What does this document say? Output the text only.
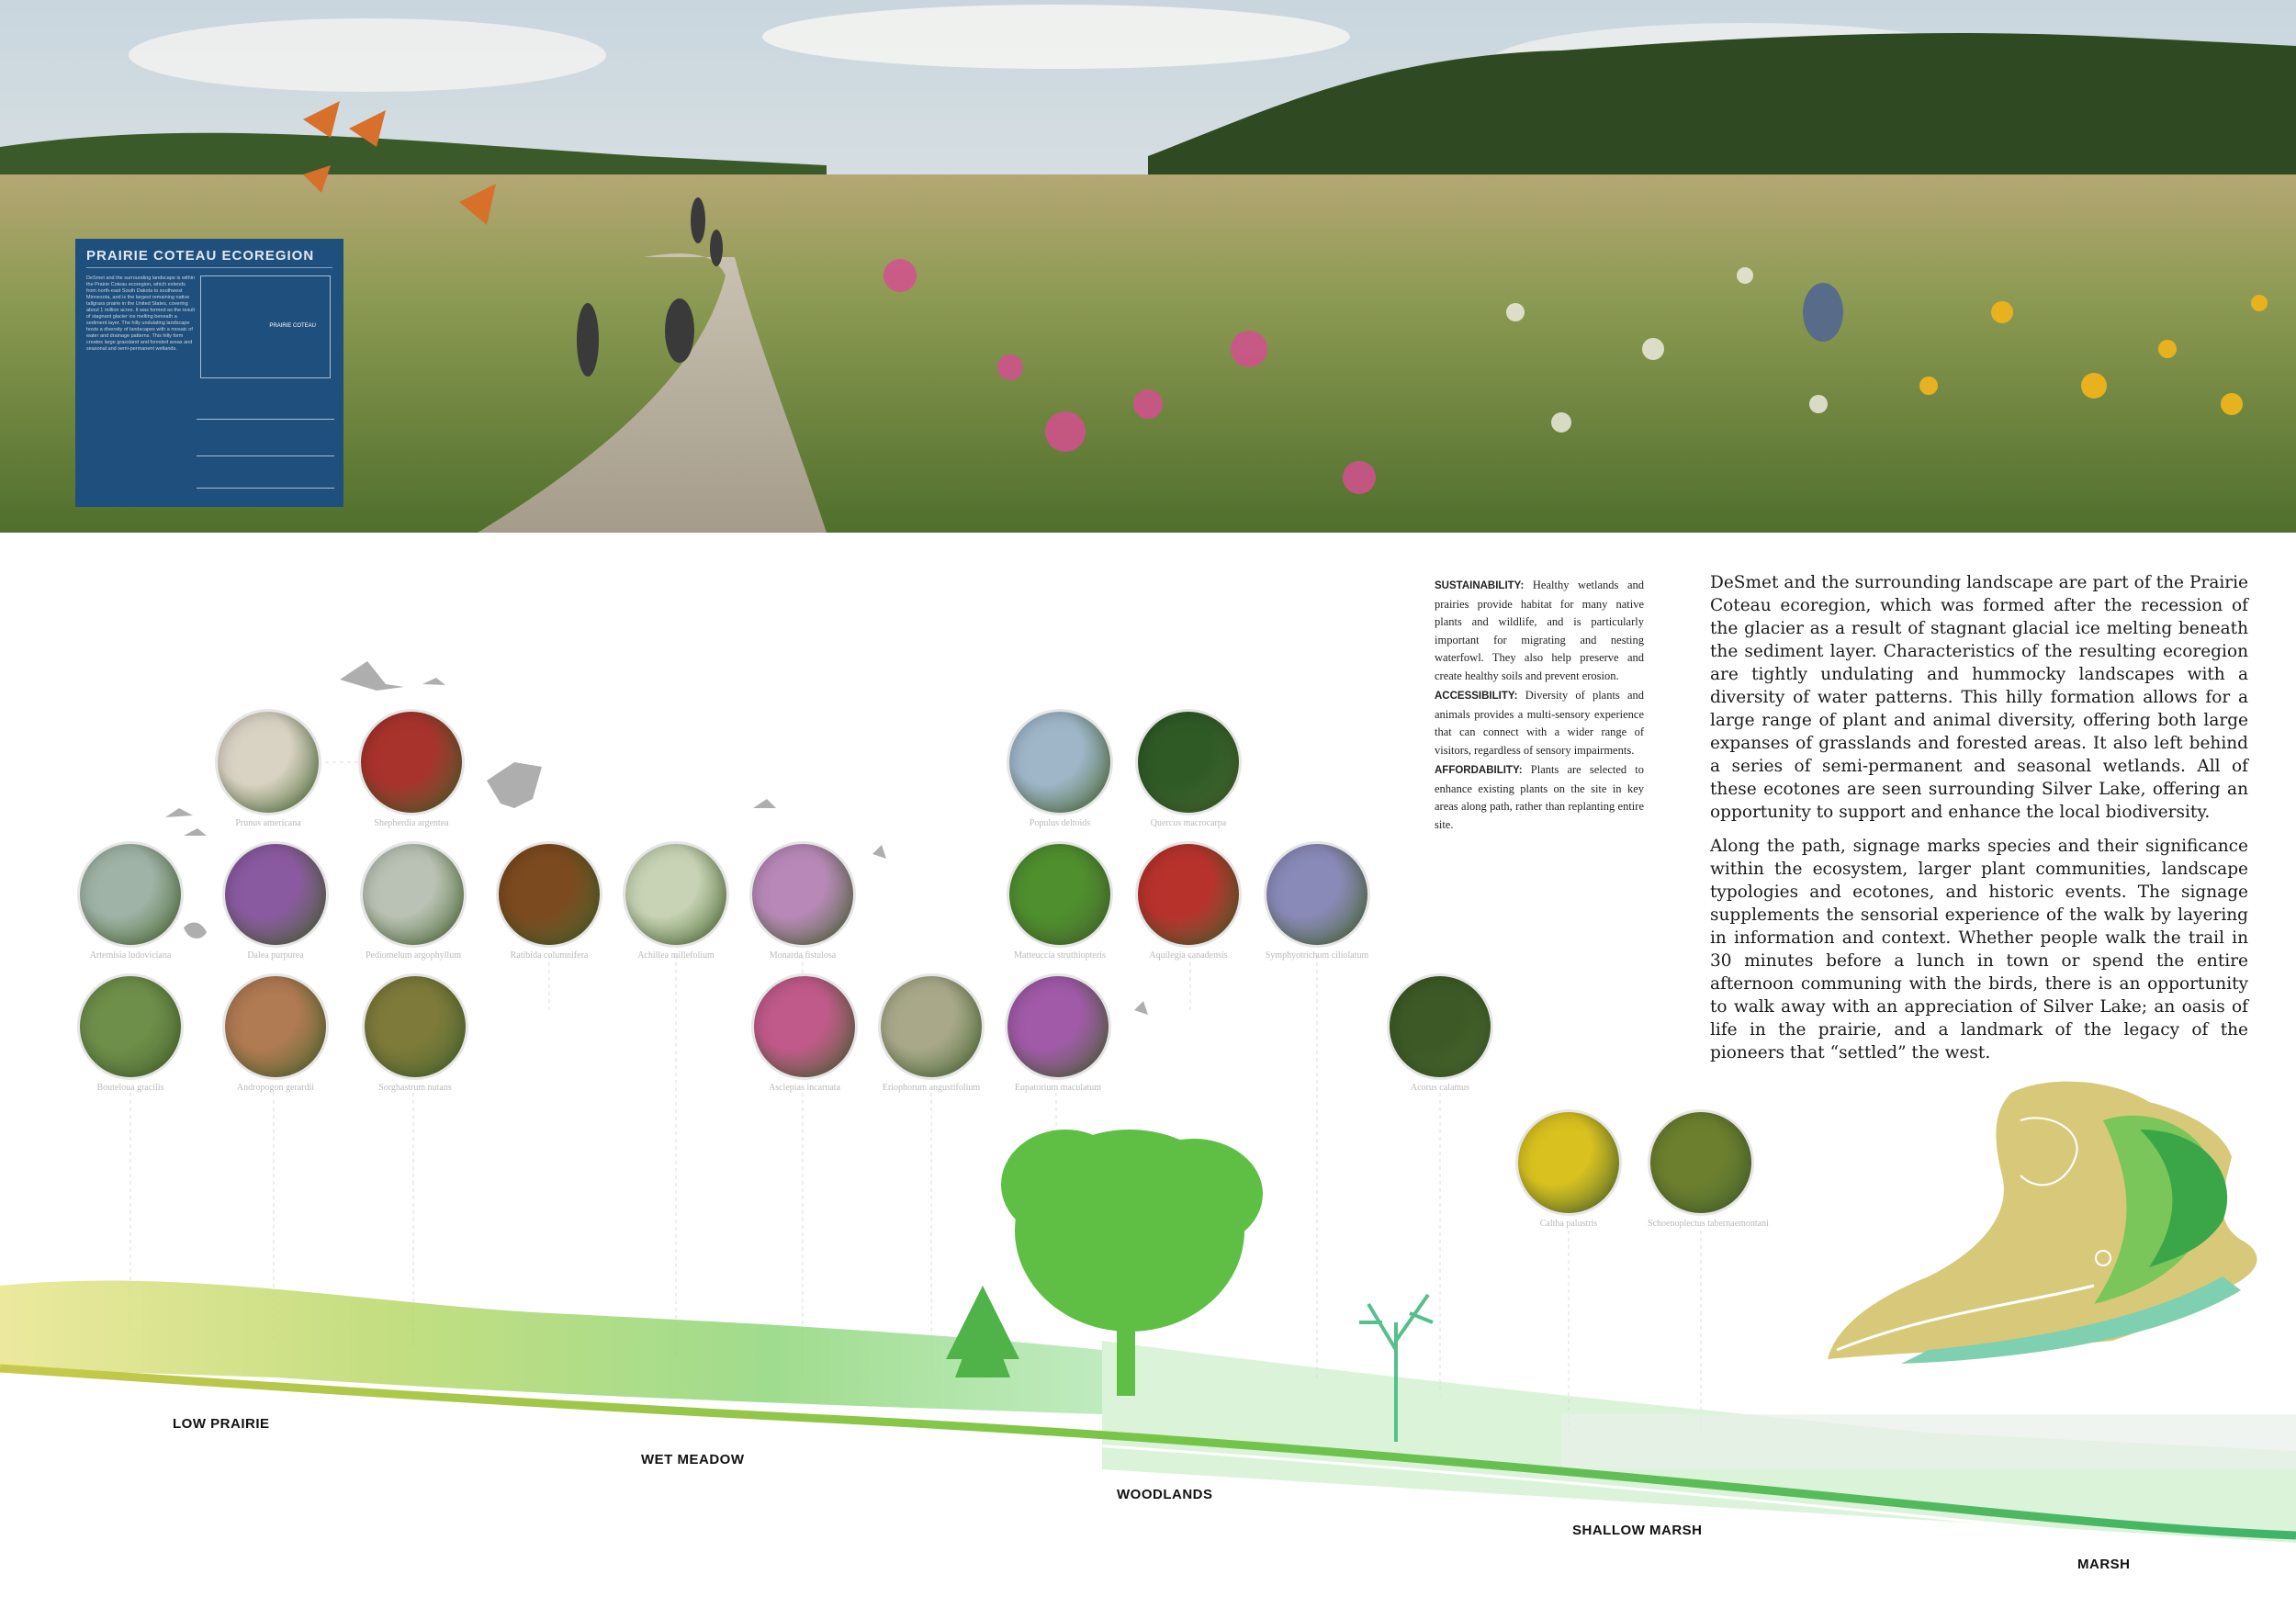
PRAIRIE COTEAU ECOREGION
DeSmet and the surrounding landscape is within the Prairie Coteau ecoregion, which extends from north-east South Dakota to southwest Minnesota, and is the largest remaining native tallgrass prairie in the United States, covering about 1 million acres. It was formed as the result of stagnant glacier ice melting beneath a sediment layer. The hilly undulating landscape hosts a diversity of landscapes with a mosaic of water and drainage patterns. This hilly form creates large grassland and forested areas and seasonal and semi-permanent wetlands.
PRAIRIE COTEAU

SUSTAINABILITY: Healthy wetlands and prairies provide habitat for many native plants and wildlife, and is particularly important for migrating and nesting waterfowl. They also help preserve and create healthy soils and prevent erosion.

ACCESSIBILITY: Diversity of plants and animals provides a multi-sensory experience that can connect with a wider range of visitors, regardless of sensory impairments.

AFFORDABILITY: Plants are selected to enhance existing plants on the site in key areas along path, rather than replanting entire site.

DeSmet and the surrounding landscape are part of the Prairie Coteau ecoregion, which was formed after the recession of the glacier as a result of stagnant glacial ice melting beneath the sediment layer. Characteristics of the resulting ecoregion are tightly undulating and hummocky landscapes with a diversity of water patterns. This hilly formation allows for a large range of plant and animal diversity, offering both large expanses of grasslands and forested areas. It also left behind a series of semi-permanent and seasonal wetlands. All of these ecotones are seen surrounding Silver Lake, offering an opportunity to support and enhance the local biodiversity.

Along the path, signage marks species and their significance within the ecosystem, larger plant communities, landscape typologies and ecotones, and historic events. The signage supplements the sensorial experience of the walk by layering in information and context. Whether people walk the trail in 30 minutes before a lunch in town or spend the entire afternoon communing with the birds, there is an opportunity to walk away with an appreciation of Silver Lake; an oasis of life in the prairie, and a landmark of the legacy of the pioneers that “settled” the west.

LOW PRAIRIE
WET MEADOW
WOODLANDS
SHALLOW MARSH
MARSH
Prunus americana	Shepherdia argentea
Artemisia ludoviciana	Dalea purpurea	Pediomelum argophyllum	Ratibida columnifera	Achillea millefolium	Monarda fistulosa
Bouteloua gracilis	Andropogon gerardii	Sorghastrum nutans	Asclepias incarnata	Eriophorum angustifolium	Eupatorium maculatum
Populus deltoids	Quercus macrocarpa
Matteuccia struthiopteris	Aquilegia canadensis	Symphyotrichum ciliolatum
Acorus calamus
Caltha palustris	Schoenoplectus tabernaemontani
